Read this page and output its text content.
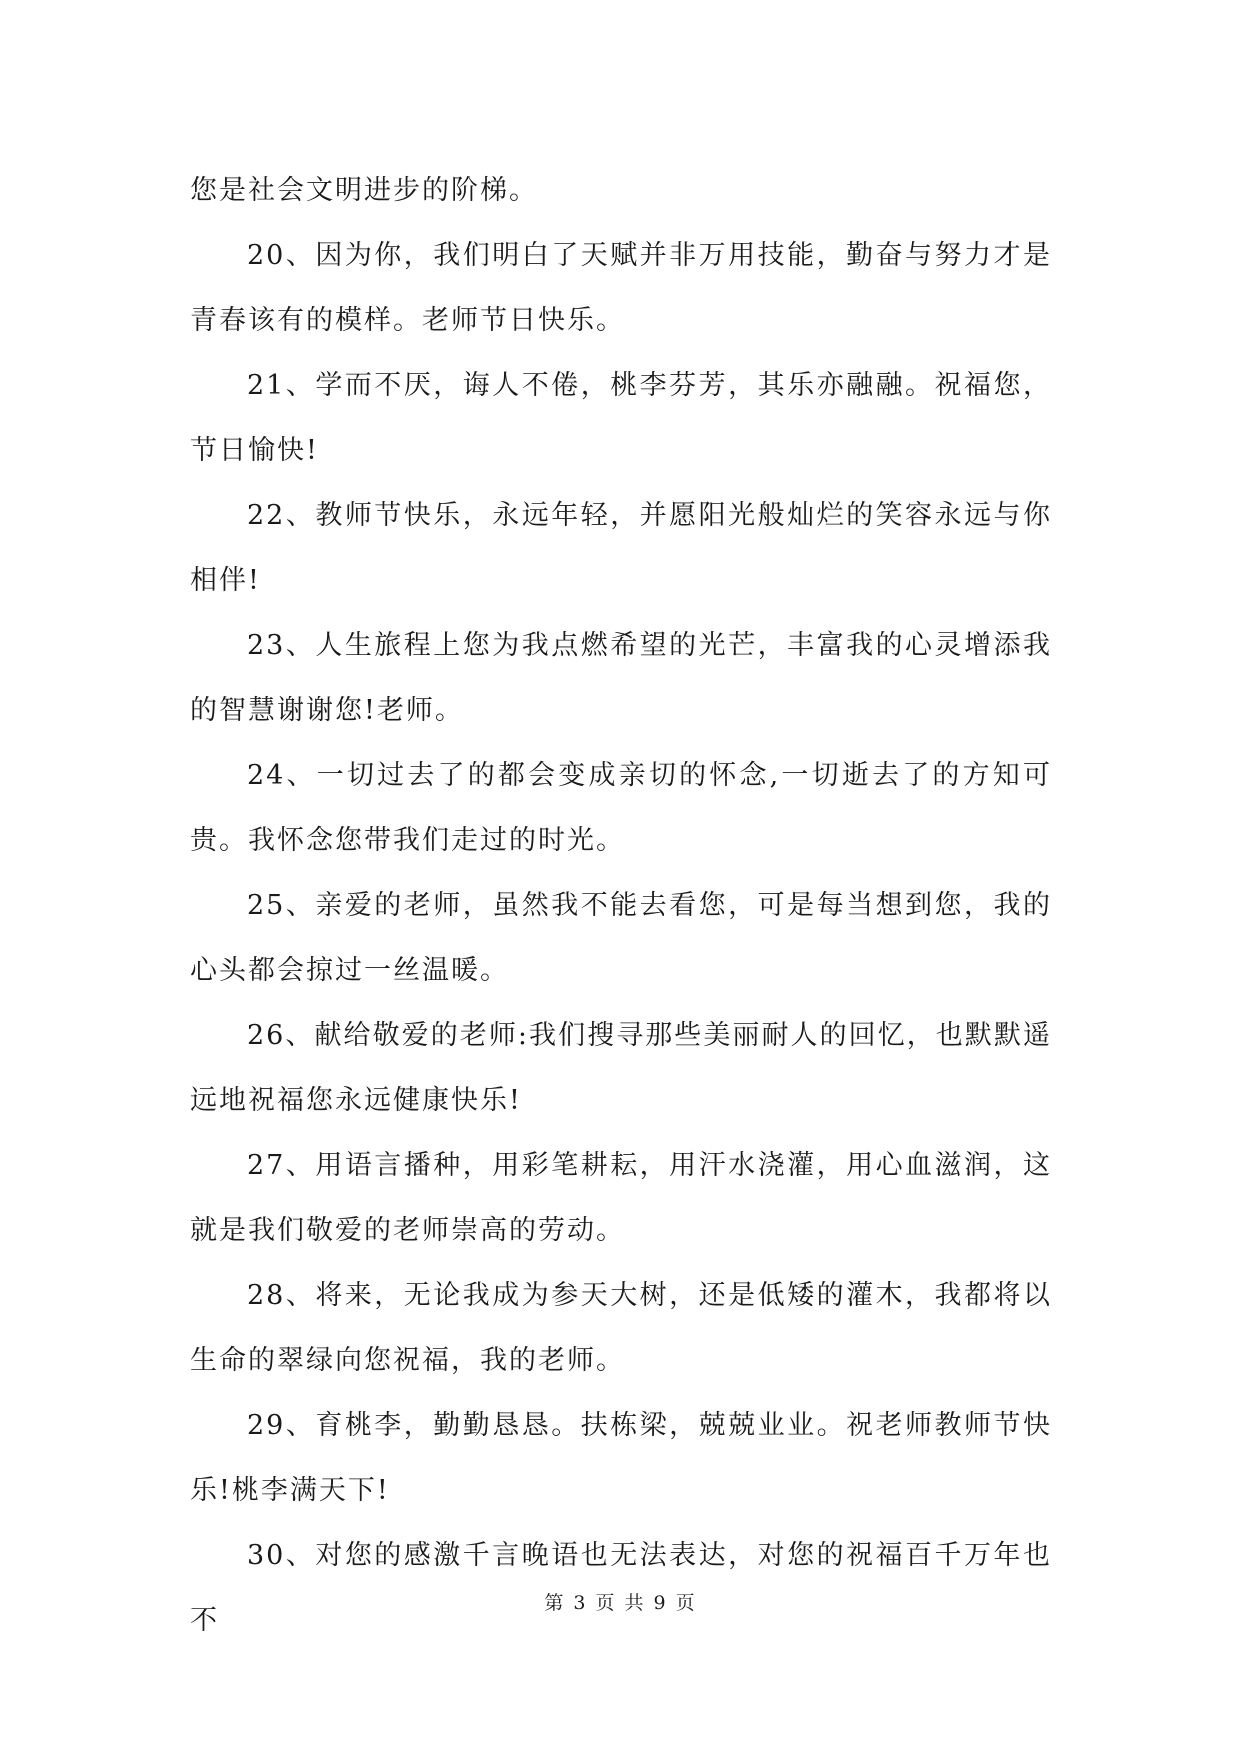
您是社会文明进步的阶梯。

20、因为你，我们明白了天赋并非万用技能，勤奋与努力才是青春该有的模样。老师节日快乐。

21、学而不厌，诲人不倦，桃李芬芳，其乐亦融融。祝福您，节日愉快!

22、教师节快乐，永远年轻，并愿阳光般灿烂的笑容永远与你相伴!

23、人生旅程上您为我点燃希望的光芒，丰富我的心灵增添我的智慧谢谢您!老师。

24、一切过去了的都会变成亲切的怀念,一切逝去了的方知可贵。我怀念您带我们走过的时光。

25、亲爱的老师，虽然我不能去看您，可是每当想到您，我的心头都会掠过一丝温暖。

26、献给敬爱的老师:我们搜寻那些美丽耐人的回忆，也默默遥远地祝福您永远健康快乐!

27、用语言播种，用彩笔耕耘，用汗水浇灌，用心血滋润，这就是我们敬爱的老师崇高的劳动。

28、将来，无论我成为参天大树，还是低矮的灌木，我都将以生命的翠绿向您祝福，我的老师。

29、育桃李，勤勤恳恳。扶栋梁，兢兢业业。祝老师教师节快乐!桃李满天下!

30、对您的感激千言晚语也无法表达，对您的祝福百千万年也不

第 3 页 共 9 页
